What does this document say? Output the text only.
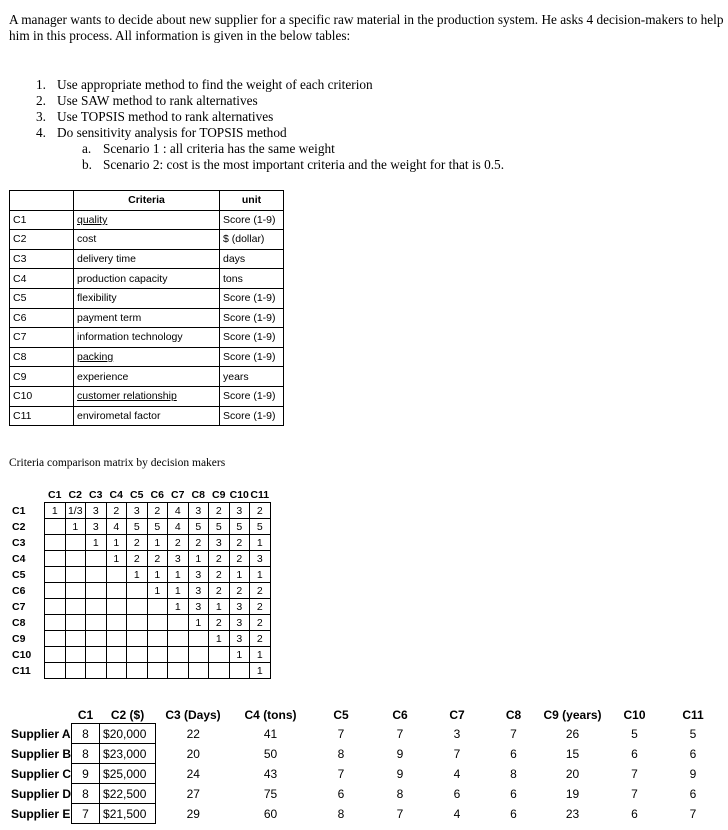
A manager wants to decide about new supplier for a specific raw material in the production system. He asks 4 decision-makers to help him in this process. All information is given in the below tables:
1. Use appropriate method to find the weight of each criterion
2. Use SAW method to rank alternatives
3. Use TOPSIS method to rank alternatives
4. Do sensitivity analysis for TOPSIS method
a. Scenario 1 : all criteria has the same weight
b. Scenario 2: cost is the most important criteria and the weight for that is 0.5.
	Criteria	unit
C1	quality	Score (1-9)
C2	cost	$ (dollar)
C3	delivery time	days
C4	production capacity	tons
C5	flexibility	Score (1-9)
C6	payment term	Score (1-9)
C7	information technology	Score (1-9)
C8	packing	Score (1-9)
C9	experience	years
C10	customer relationship	Score (1-9)
C11	envirometal factor	Score (1-9)
Criteria comparison matrix by decision makers
	C1	C2	C3	C4	C5	C6	C7	C8	C9	C10	C11
C1	1	1/3	3	2	3	2	4	3	2	3	2
C2		1	3	4	5	5	4	5	5	5	5
C3			1	1	2	1	2	2	3	2	1
C4				1	2	2	3	1	2	2	3
C5					1	1	1	3	2	1	1
C6						1	1	3	2	2	2
C7							1	3	1	3	2
C8								1	2	3	2
C9									1	3	2
C10										1	1
C11											1
	C1	C2 ($)	C3 (Days)	C4 (tons)	C5	C6	C7	C8	C9 (years)	C10	C11
Supplier A	8	$20,000	22	41	7	7	3	7	26	5	5
Supplier B	8	$23,000	20	50	8	9	7	6	15	6	6
Supplier C	9	$25,000	24	43	7	9	4	8	20	7	9
Supplier D	8	$22,500	27	75	6	8	6	6	19	7	6
Supplier E	7	$21,500	29	60	8	7	4	6	23	6	7
